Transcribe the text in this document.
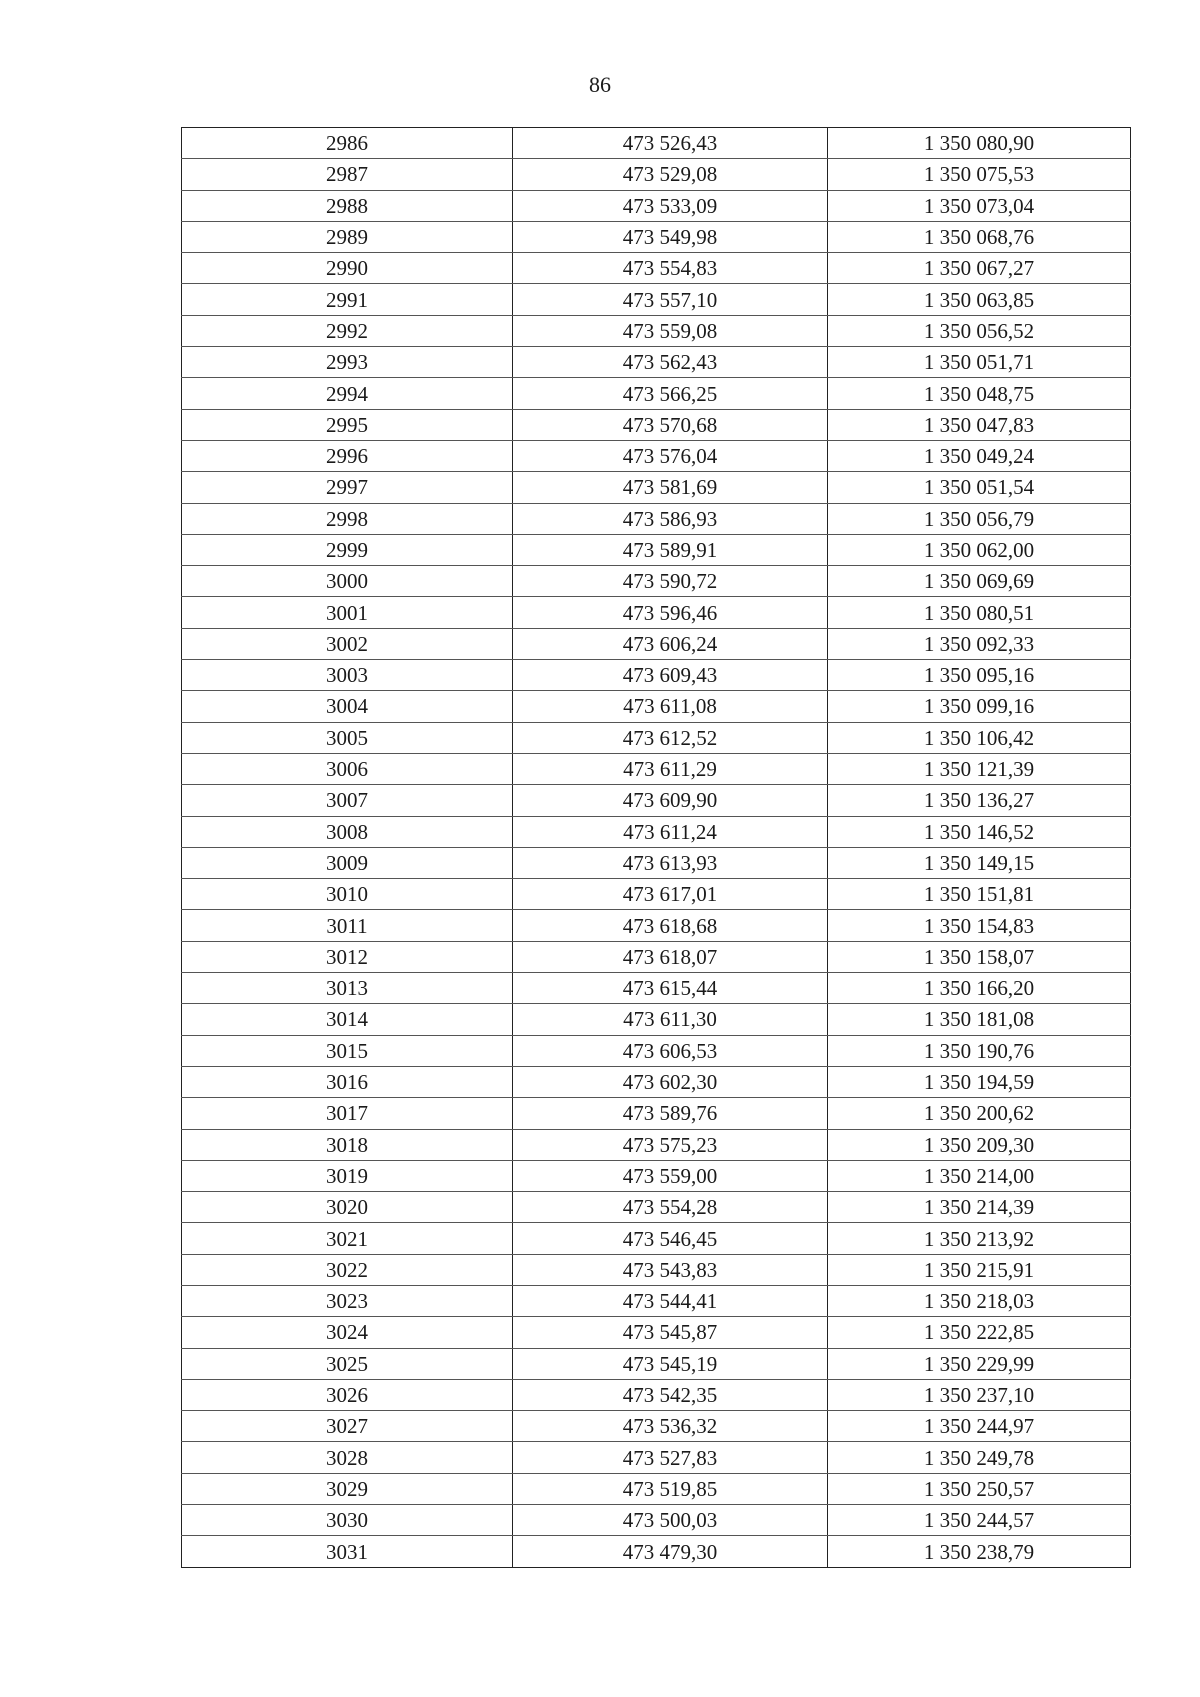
86
2986	473 526,43	1 350 080,90
2987	473 529,08	1 350 075,53
2988	473 533,09	1 350 073,04
2989	473 549,98	1 350 068,76
2990	473 554,83	1 350 067,27
2991	473 557,10	1 350 063,85
2992	473 559,08	1 350 056,52
2993	473 562,43	1 350 051,71
2994	473 566,25	1 350 048,75
2995	473 570,68	1 350 047,83
2996	473 576,04	1 350 049,24
2997	473 581,69	1 350 051,54
2998	473 586,93	1 350 056,79
2999	473 589,91	1 350 062,00
3000	473 590,72	1 350 069,69
3001	473 596,46	1 350 080,51
3002	473 606,24	1 350 092,33
3003	473 609,43	1 350 095,16
3004	473 611,08	1 350 099,16
3005	473 612,52	1 350 106,42
3006	473 611,29	1 350 121,39
3007	473 609,90	1 350 136,27
3008	473 611,24	1 350 146,52
3009	473 613,93	1 350 149,15
3010	473 617,01	1 350 151,81
3011	473 618,68	1 350 154,83
3012	473 618,07	1 350 158,07
3013	473 615,44	1 350 166,20
3014	473 611,30	1 350 181,08
3015	473 606,53	1 350 190,76
3016	473 602,30	1 350 194,59
3017	473 589,76	1 350 200,62
3018	473 575,23	1 350 209,30
3019	473 559,00	1 350 214,00
3020	473 554,28	1 350 214,39
3021	473 546,45	1 350 213,92
3022	473 543,83	1 350 215,91
3023	473 544,41	1 350 218,03
3024	473 545,87	1 350 222,85
3025	473 545,19	1 350 229,99
3026	473 542,35	1 350 237,10
3027	473 536,32	1 350 244,97
3028	473 527,83	1 350 249,78
3029	473 519,85	1 350 250,57
3030	473 500,03	1 350 244,57
3031	473 479,30	1 350 238,79
